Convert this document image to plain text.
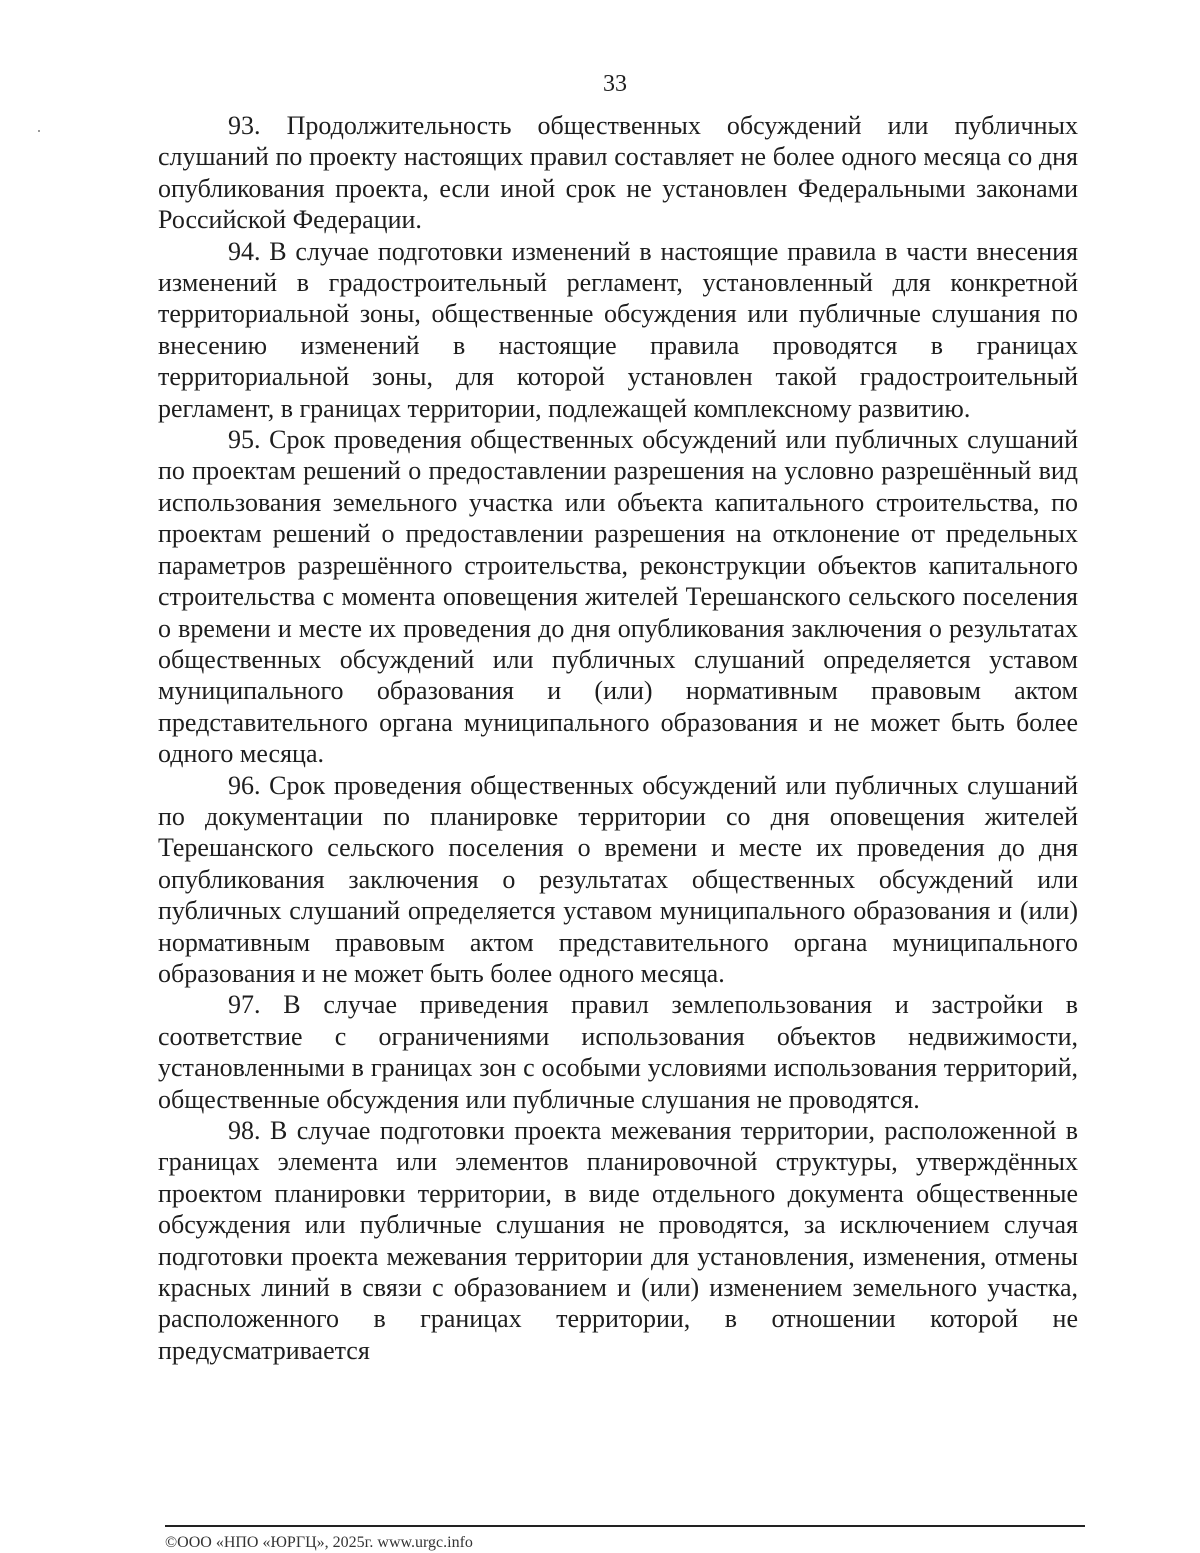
33

93. Продолжительность общественных обсуждений или публичных слушаний по проекту настоящих правил составляет не более одного месяца со дня опубликования проекта, если иной срок не установлен Федеральными законами Российской Федерации.

94. В случае подготовки изменений в настоящие правила в части внесения изменений в градостроительный регламент, установленный для конкретной территориальной зоны, общественные обсуждения или публичные слушания по внесению изменений в настоящие правила проводятся в границах территориальной зоны, для которой установлен такой градостроительный регламент, в границах территории, подлежащей комплексному развитию.

95. Срок проведения общественных обсуждений или публичных слушаний по проектам решений о предоставлении разрешения на условно разрешённый вид использования земельного участка или объекта капитального строительства, по проектам решений о предоставлении разрешения на отклонение от предельных параметров разрешённого строительства, реконструкции объектов капитального строительства с момента оповещения жителей Терешанского сельского поселения о времени и месте их проведения до дня опубликования заключения о результатах общественных обсуждений или публичных слушаний определяется уставом муниципального образования и (или) нормативным правовым актом представительного органа муниципального образования и не может быть более одного месяца.

96. Срок проведения общественных обсуждений или публичных слушаний по документации по планировке территории со дня оповещения жителей Терешанского сельского поселения о времени и месте их проведения до дня опубликования заключения о результатах общественных обсуждений или публичных слушаний определяется уставом муниципального образования и (или) нормативным правовым актом представительного органа муниципального образования и не может быть более одного месяца.

97. В случае приведения правил землепользования и застройки в соответствие с ограничениями использования объектов недвижимости, установленными в границах зон с особыми условиями использования территорий, общественные обсуждения или публичные слушания не проводятся.

98. В случае подготовки проекта межевания территории, расположенной в границах элемента или элементов планировочной структуры, утверждённых проектом планировки территории, в виде отдельного документа общественные обсуждения или публичные слушания не проводятся, за исключением случая подготовки проекта межевания территории для установления, изменения, отмены красных линий в связи с образованием и (или) изменением земельного участка, расположенного в границах территории, в отношении которой не предусматривается

©ООО «НПО «ЮРГЦ», 2025г. www.urgc.info
